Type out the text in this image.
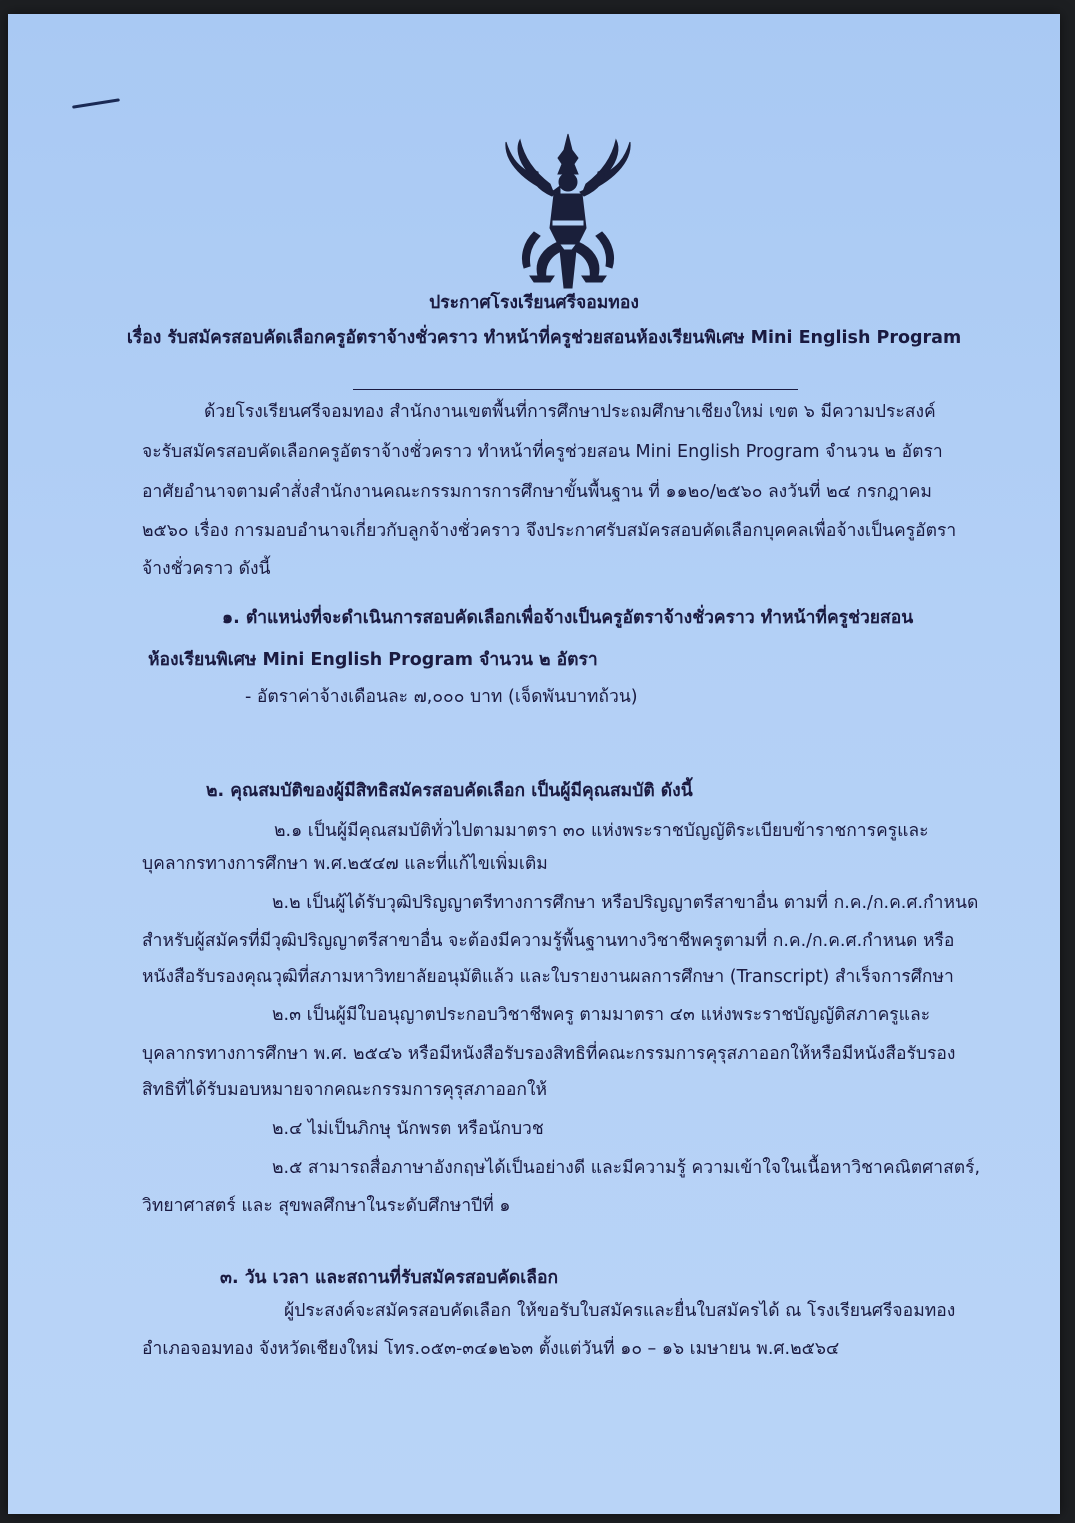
ประกาศโรงเรียนศรีจอมทอง
เรื่อง รับสมัครสอบคัดเลือกครูอัตราจ้างชั่วคราว ทำหน้าที่ครูช่วยสอนห้องเรียนพิเศษ Mini English Program
ด้วยโรงเรียนศรีจอมทอง สำนักงานเขตพื้นที่การศึกษาประถมศึกษาเชียงใหม่ เขต ๖ มีความประสงค์
จะรับสมัครสอบคัดเลือกครูอัตราจ้างชั่วคราว ทำหน้าที่ครูช่วยสอน Mini English Program จำนวน ๒ อัตรา
อาศัยอำนาจตามคำสั่งสำนักงานคณะกรรมการการศึกษาขั้นพื้นฐาน ที่ ๑๑๒๐/๒๕๖๐ ลงวันที่ ๒๔ กรกฎาคม
๒๕๖๐ เรื่อง การมอบอำนาจเกี่ยวกับลูกจ้างชั่วคราว จึงประกาศรับสมัครสอบคัดเลือกบุคคลเพื่อจ้างเป็นครูอัตรา
จ้างชั่วคราว ดังนี้
๑. ตำแหน่งที่จะดำเนินการสอบคัดเลือกเพื่อจ้างเป็นครูอัตราจ้างชั่วคราว ทำหน้าที่ครูช่วยสอน
ห้องเรียนพิเศษ Mini English Program จำนวน ๒ อัตรา
- อัตราค่าจ้างเดือนละ ๗,๐๐๐ บาท (เจ็ดพันบาทถ้วน)
๒. คุณสมบัติของผู้มีสิทธิสมัครสอบคัดเลือก เป็นผู้มีคุณสมบัติ ดังนี้
๒.๑ เป็นผู้มีคุณสมบัติทั่วไปตามมาตรา ๓๐ แห่งพระราชบัญญัติระเบียบข้าราชการครูและ
บุคลากรทางการศึกษา พ.ศ.๒๕๔๗ และที่แก้ไขเพิ่มเติม
๒.๒ เป็นผู้ได้รับวุฒิปริญญาตรีทางการศึกษา หรือปริญญาตรีสาขาอื่น ตามที่ ก.ค./ก.ค.ศ.กำหนด
สำหรับผู้สมัครที่มีวุฒิปริญญาตรีสาขาอื่น จะต้องมีความรู้พื้นฐานทางวิชาชีพครูตามที่ ก.ค./ก.ค.ศ.กำหนด หรือ
หนังสือรับรองคุณวุฒิที่สภามหาวิทยาลัยอนุมัติแล้ว และใบรายงานผลการศึกษา (Transcript) สำเร็จการศึกษา
๒.๓ เป็นผู้มีใบอนุญาตประกอบวิชาชีพครู ตามมาตรา ๔๓ แห่งพระราชบัญญัติสภาครูและ
บุคลากรทางการศึกษา พ.ศ. ๒๕๔๖ หรือมีหนังสือรับรองสิทธิที่คณะกรรมการคุรุสภาออกให้หรือมีหนังสือรับรอง
สิทธิที่ได้รับมอบหมายจากคณะกรรมการคุรุสภาออกให้
๒.๔ ไม่เป็นภิกษุ นักพรต หรือนักบวช
๒.๕ สามารถสื่อภาษาอังกฤษได้เป็นอย่างดี และมีความรู้ ความเข้าใจในเนื้อหาวิชาคณิตศาสตร์,
วิทยาศาสตร์ และ สุขพลศึกษาในระดับศึกษาปีที่ ๑
๓. วัน เวลา และสถานที่รับสมัครสอบคัดเลือก
ผู้ประสงค์จะสมัครสอบคัดเลือก ให้ขอรับใบสมัครและยื่นใบสมัครได้ ณ โรงเรียนศรีจอมทอง
อำเภอจอมทอง จังหวัดเชียงใหม่ โทร.๐๕๓-๓๔๑๒๖๓ ตั้งแต่วันที่ ๑๐ – ๑๖ เมษายน พ.ศ.๒๕๖๔
